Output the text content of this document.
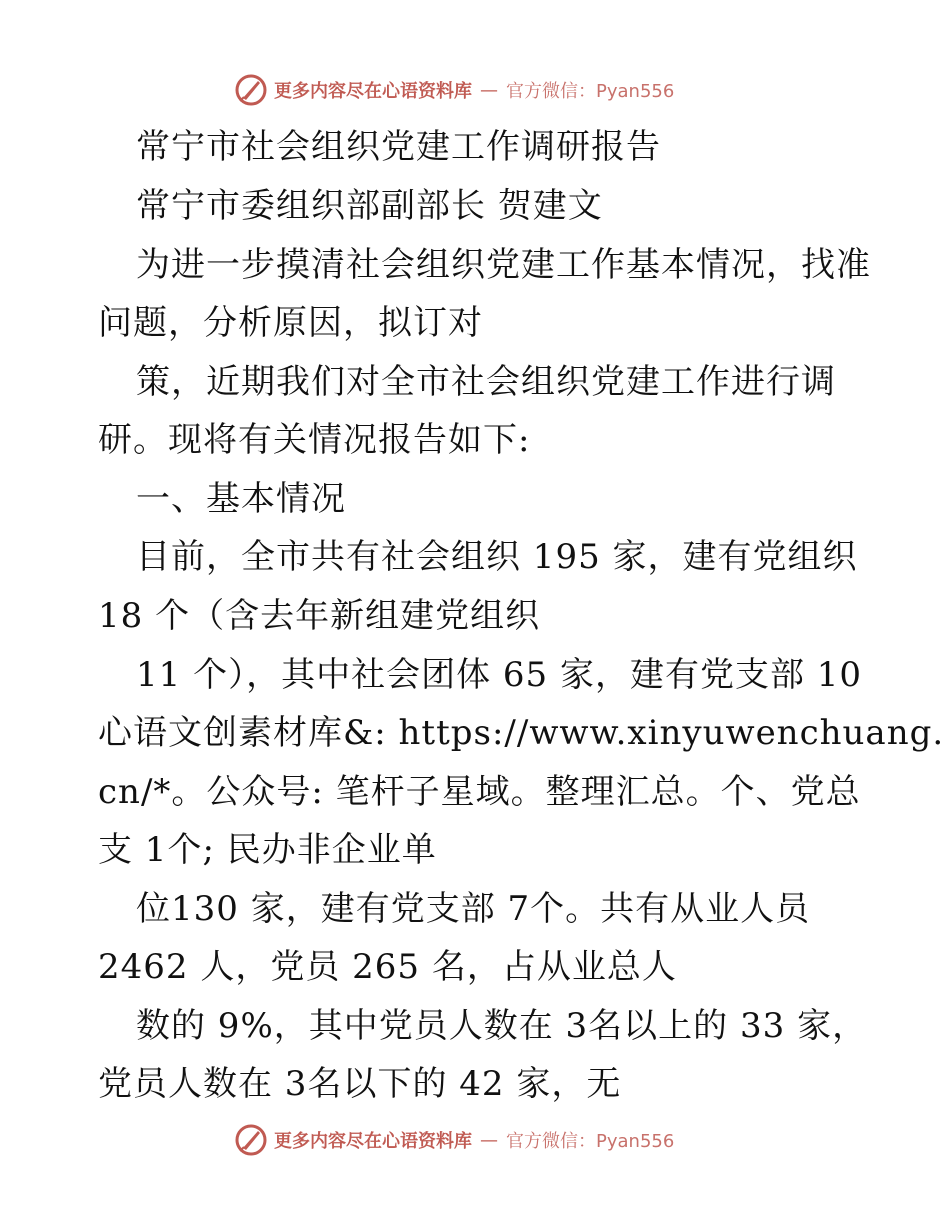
更多内容尽在心语资料库 — 官方微信：Pyan556
常宁市社会组织党建工作调研报告
常宁市委组织部副部长 贺建文
为进一步摸清社会组织党建工作基本情况，找准
问题，分析原因，拟订对
策，近期我们对全市社会组织党建工作进行调
研。现将有关情况报告如下:
一、基本情况
目前，全市共有社会组织 195 家，建有党组织
18 个（含去年新组建党组织
11 个），其中社会团体 65 家，建有党支部 10
心语文创素材库&: https://www.xinyuwenchuang.
cn/*。公众号: 笔杆子星域。整理汇总。个、党总
支 1个; 民办非企业单
位130 家，建有党支部 7个。共有从业人员
2462 人，党员 265 名，占从业总人
数的 9%，其中党员人数在 3名以上的 33 家，
党员人数在 3名以下的 42 家，无
更多内容尽在心语资料库 — 官方微信：Pyan556
